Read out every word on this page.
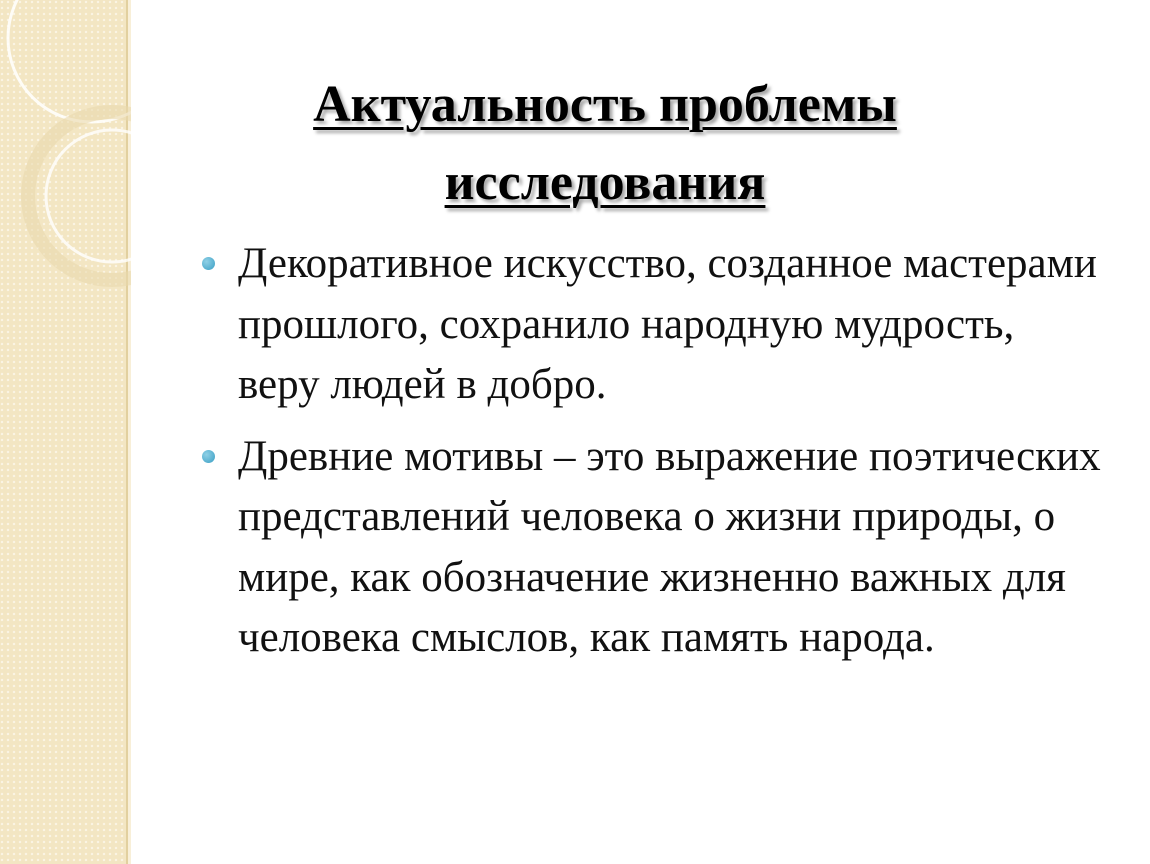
Актуальность проблемы
исследования
Декоративное искусство, созданное мастерами прошлого, сохранило народную мудрость, веру людей в добро.
Древние мотивы – это выражение поэтических представлений человека о жизни природы, о мире, как обозначение жизненно важных для человека смыслов, как память народа.
